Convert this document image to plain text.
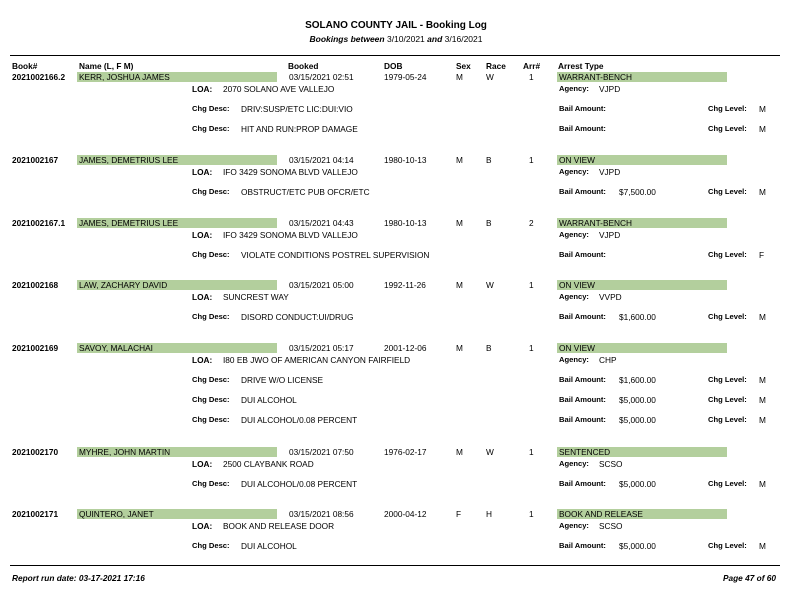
SOLANO COUNTY JAIL - Booking Log
Bookings between 3/10/2021 and 3/16/2021
Book#	Name (L, F M)	Booked	DOB	Sex Race Arr# Arrest Type
2021002166.2 KERR, JOSHUA JAMES	03/15/2021 02:51	1979-05-24	M	W	1	WARRANT-BENCH
LOA: 2070 SOLANO AVE VALLEJO	Agency: VJPD
Chg Desc: DRIV:SUSP/ETC LIC:DUI:VIO	Bail Amount:	Chg Level: M
Chg Desc: HIT AND RUN:PROP DAMAGE	Bail Amount:	Chg Level: M
2021002167	JAMES, DEMETRIUS LEE	03/15/2021 04:14	1980-10-13	M	B	1	ON VIEW
LOA: IFO 3429 SONOMA BLVD VALLEJO	Agency: VJPD
Chg Desc: OBSTRUCT/ETC PUB OFCR/ETC	Bail Amount: $7,500.00	Chg Level: M
2021002167.1 JAMES, DEMETRIUS LEE	03/15/2021 04:43	1980-10-13	M	B	2	WARRANT-BENCH
LOA: IFO 3429 SONOMA BLVD VALLEJO	Agency: VJPD
Chg Desc: VIOLATE CONDITIONS POSTREL SUPERVISION	Bail Amount:	Chg Level: F
2021002168	LAW, ZACHARY DAVID	03/15/2021 05:00	1992-11-26	M	W	1	ON VIEW
LOA: SUNCREST WAY	Agency: VVPD
Chg Desc: DISORD CONDUCT:UI/DRUG	Bail Amount: $1,600.00	Chg Level: M
2021002169	SAVOY, MALACHAI	03/15/2021 05:17	2001-12-06	M	B	1	ON VIEW
LOA: I80 EB JWO OF AMERICAN CANYON FAIRFIELD	Agency: CHP
Chg Desc: DRIVE W/O LICENSE	Bail Amount: $1,600.00	Chg Level: M
Chg Desc: DUI ALCOHOL	Bail Amount: $5,000.00	Chg Level: M
Chg Desc: DUI ALCOHOL/0.08 PERCENT	Bail Amount: $5,000.00	Chg Level: M
2021002170	MYHRE, JOHN MARTIN	03/15/2021 07:50	1976-02-17	M	W	1	SENTENCED
LOA: 2500 CLAYBANK ROAD	Agency: SCSO
Chg Desc: DUI ALCOHOL/0.08 PERCENT	Bail Amount: $5,000.00	Chg Level: M
2021002171	QUINTERO, JANET	03/15/2021 08:56	2000-04-12	F	H	1	BOOK AND RELEASE
LOA: BOOK AND RELEASE DOOR	Agency: SCSO
Chg Desc: DUI ALCOHOL	Bail Amount: $5,000.00	Chg Level: M
Report run date: 03-17-2021 17:16	Page 47 of 60
